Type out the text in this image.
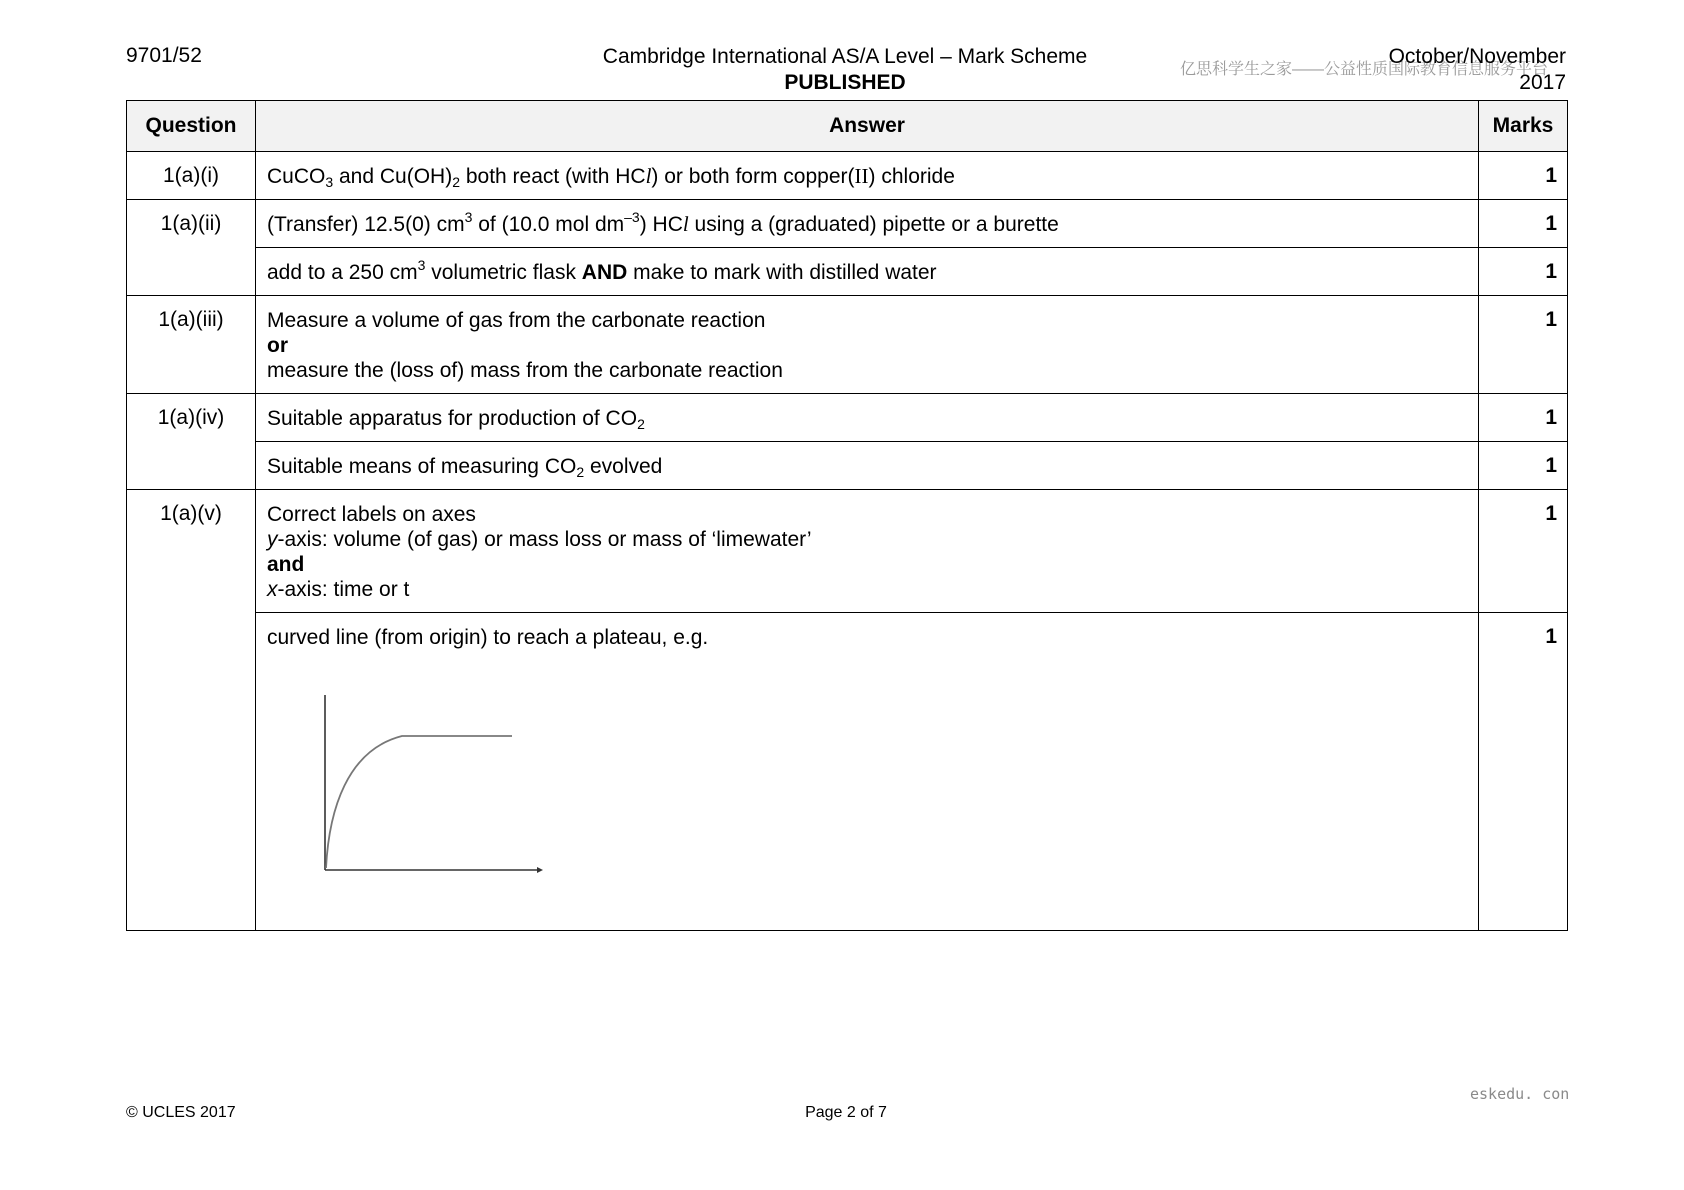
9701/52	Cambridge International AS/A Level – Mark Scheme
PUBLISHED
亿思科学生之家——公益性质国际教育信息服务平台
October/November
2017
Question	Answer	Marks
1(a)(i)	CuCO$_3$ and $Cu(OH)_2$ both react (with HCl) or both form copper(II) chloride	1
1(a)(ii)	(Transfer) 12.5(0) $cm^3$ of (10.0 mol $dm^{-3}$) HCl using a (graduated) pipette or a burette	1
	add to a 250 $cm^3$ volumetric flask AND make to mark with distilled water	1
1(a)(iii)	Measure a volume of gas from the carbonate reaction
or
measure the (loss of) mass from the carbonate reaction	1
1(a)(iv)	Suitable apparatus for production of $CO_2$	1
	Suitable means of measuring $CO_2$ evolved	1
1(a)(v)	Correct labels on axes
y-axis: volume (of gas) or mass loss or mass of ‘limewater’
and
x-axis: time or t	1

	curved line (from origin) to reach a plateau, e.g.	1
eskedu. con
© UCLES 2017	Page 2 of 7
